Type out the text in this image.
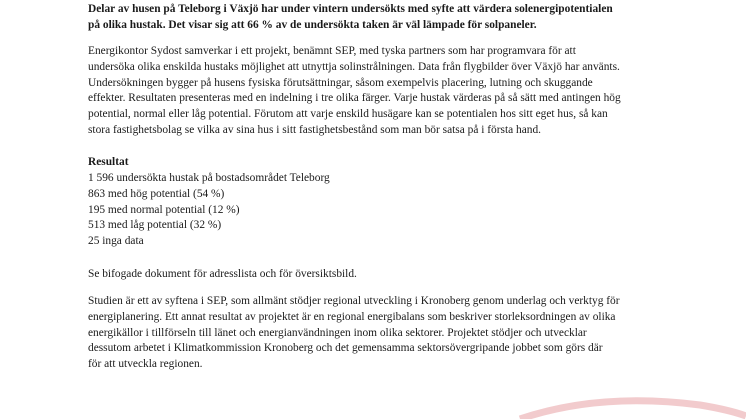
Delar av husen på Teleborg i Växjö har under vintern undersökts med syfte att värdera solenergipotentialen
på olika hustak. Det visar sig att 66 % av de undersökta taken är väl lämpade för solpaneler.
Energikontor Sydost samverkar i ett projekt, benämnt SEP, med tyska partners som har programvara för att
undersöka olika enskilda hustaks möjlighet att utnyttja solinstrålningen. Data från flygbilder över Växjö har använts.
Undersökningen bygger på husens fysiska förutsättningar, såsom exempelvis placering, lutning och skuggande
effekter. Resultaten presenteras med en indelning i tre olika färger. Varje hustak värderas på så sätt med antingen hög
potential, normal eller låg potential. Förutom att varje enskild husägare kan se potentialen hos sitt eget hus, så kan
stora fastighetsbolag se vilka av sina hus i sitt fastighetsbestånd som man bör satsa på i första hand.
Resultat
1 596 undersökta hustak på bostadsområdet Teleborg
863 med hög potential (54 %)
195 med normal potential (12 %)
513 med låg potential (32 %)
25 inga data
Se bifogade dokument för adresslista och för översiktsbild.
Studien är ett av syftena i SEP, som allmänt stödjer regional utveckling i Kronoberg genom underlag och verktyg för
energiplanering. Ett annat resultat av projektet är en regional energibalans som beskriver storleksordningen av olika
energikällor i tillförseln till länet och energianvändningen inom olika sektorer. Projektet stödjer och utvecklar
dessutom arbetet i Klimatkommission Kronoberg och det gemensamma sektorsövergripande jobbet som görs där
för att utveckla regionen.
